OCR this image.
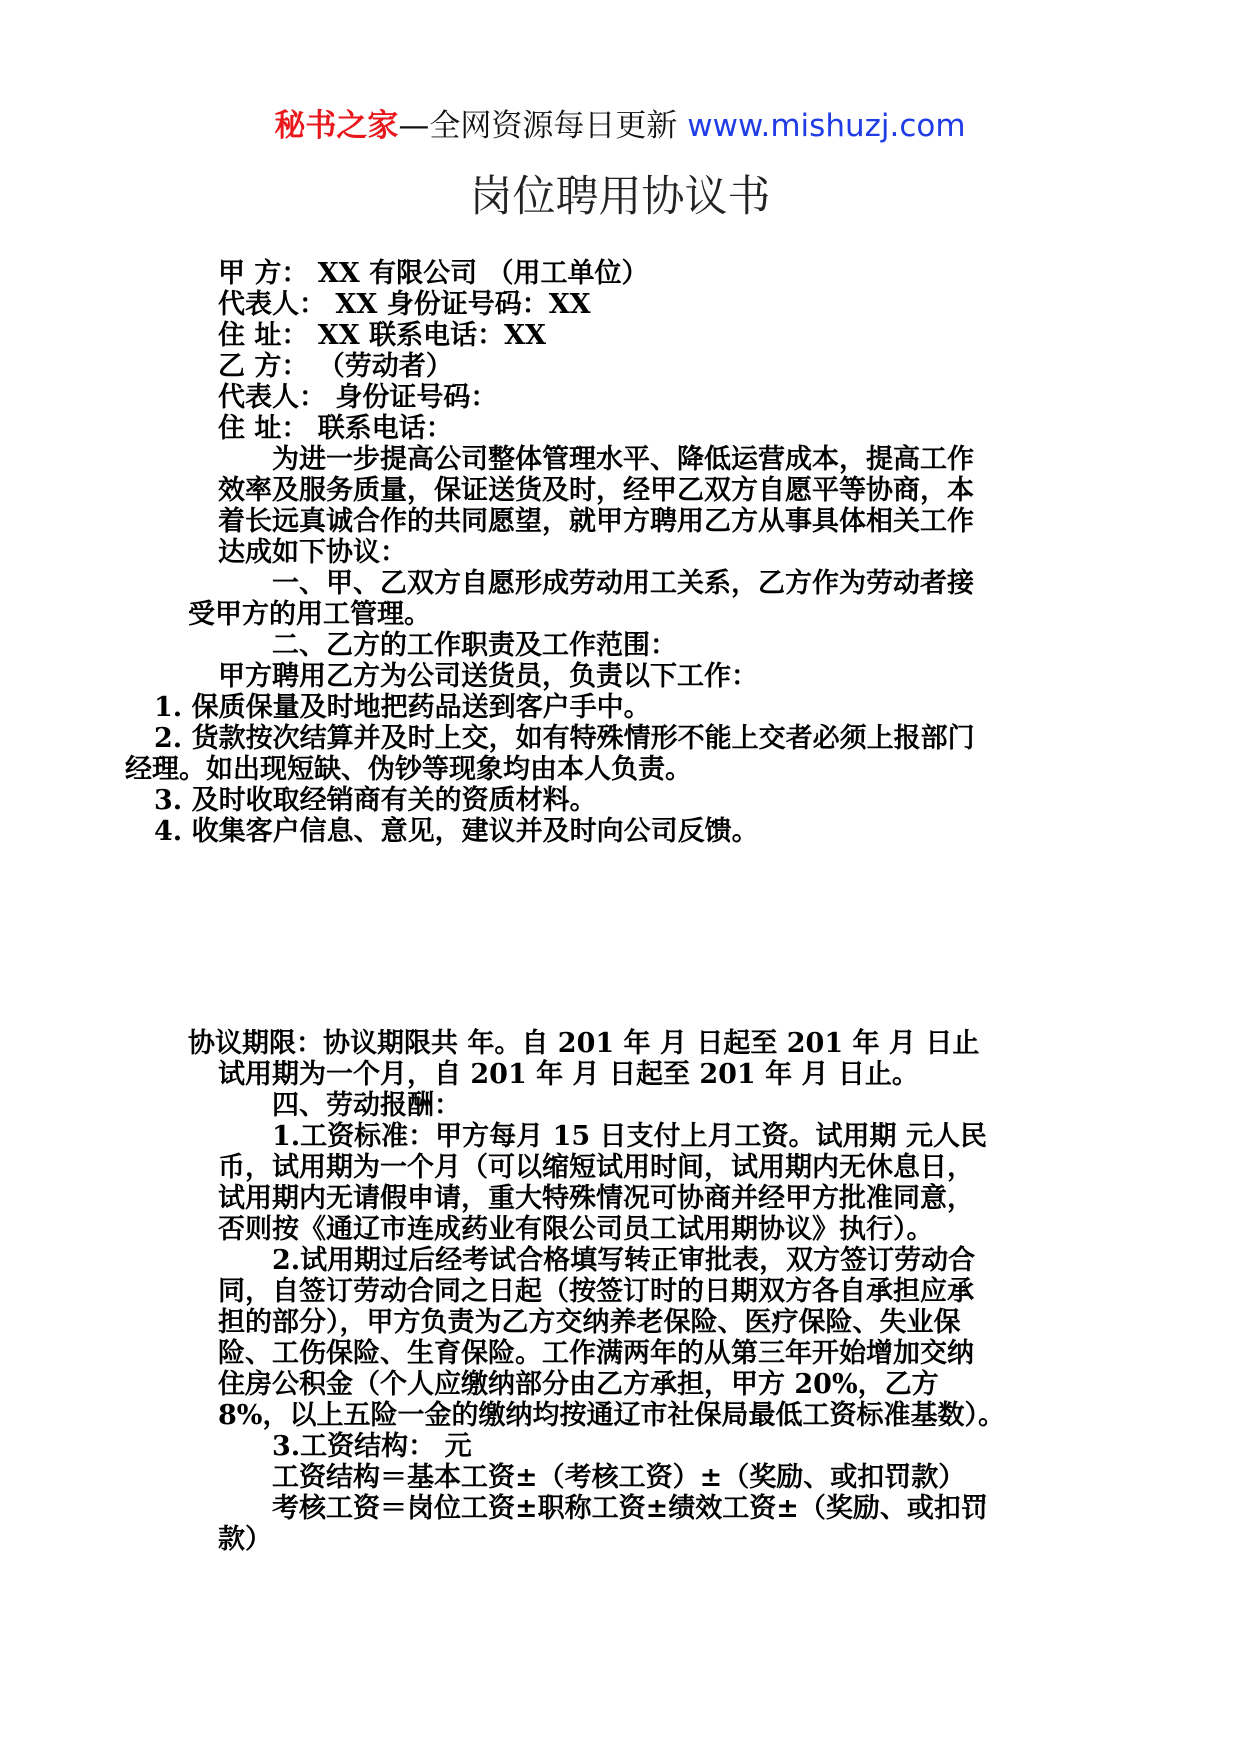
秘书之家—全网资源每日更新 www.mishuzj.com
岗位聘用协议书
甲 方： XX 有限公司 （用工单位）
代表人： XX 身份证号码：XX
住 址： XX 联系电话：XX
乙 方： （劳动者）
代表人： 身份证号码：
住 址： 联系电话：
为进一步提高公司整体管理水平、降低运营成本，提高工作
效率及服务质量，保证送货及时，经甲乙双方自愿平等协商，本
着长远真诚合作的共同愿望，就甲方聘用乙方从事具体相关工作
达成如下协议：
一、甲、乙双方自愿形成劳动用工关系，乙方作为劳动者接
受甲方的用工管理。
二、乙方的工作职责及工作范围：
甲方聘用乙方为公司送货员，负责以下工作：
1. 保质保量及时地把药品送到客户手中。
2. 货款按次结算并及时上交，如有特殊情形不能上交者必须上报部门
经理。如出现短缺、伪钞等现象均由本人负责。
3. 及时收取经销商有关的资质材料。
4. 收集客户信息、意见，建议并及时向公司反馈。
协议期限：协议期限共 年。自 201 年 月 日起至 201 年 月 日止
试用期为一个月，自 201 年 月 日起至 201 年 月 日止。
四、劳动报酬：
1.工资标准：甲方每月 15 日支付上月工资。试用期 元人民
币，试用期为一个月（可以缩短试用时间，试用期内无休息日，
试用期内无请假申请，重大特殊情况可协商并经甲方批准同意，
否则按《通辽市连成药业有限公司员工试用期协议》执行）。
2.试用期过后经考试合格填写转正审批表，双方签订劳动合
同，自签订劳动合同之日起（按签订时的日期双方各自承担应承
担的部分），甲方负责为乙方交纳养老保险、医疗保险、失业保
险、工伤保险、生育保险。工作满两年的从第三年开始增加交纳
住房公积金（个人应缴纳部分由乙方承担，甲方 20%，乙方
8%，以上五险一金的缴纳均按通辽市社保局最低工资标准基数）。
3.工资结构： 元
工资结构＝基本工资±（考核工资）±（奖励、或扣罚款）
考核工资＝岗位工资±职称工资±绩效工资±（奖励、或扣罚
款）
